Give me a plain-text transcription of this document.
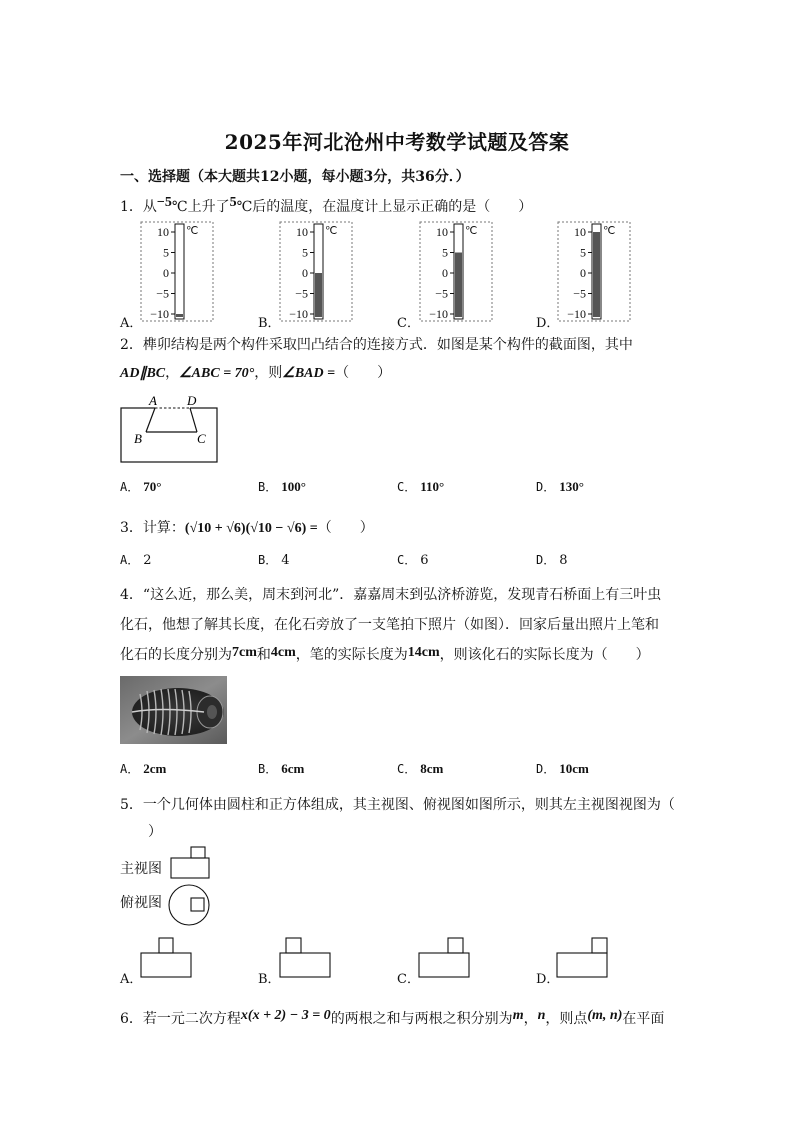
2025年河北沧州中考数学试题及答案
一、选择题（本大题共12小题，每小题3分，共36分．）
1．从−5℃上升了5℃后的温度，在温度计上显示正确的是（　　）
A．	B．	C．	D．
10
5
0
−5
−10
℃	10
5
0
−5
−10
℃	10
5
0
−5
−10
℃	10
5
0
−5
−10
℃
2．榫卯结构是两个构件采取凹凸结合的连接方式．如图是某个构件的截面图，其中
AD∥BC，∠ABC = 70°，则∠BAD =（　　）
A D
B	C
A． 70°	B． 100°	C． 110°	D． 130°
3．计算：(√10 + √6)(√10 − √6) =（　　）
A． 2	B． 4	C． 6	D． 8
4．“这么近，那么美，周末到河北”．嘉嘉周末到弘济桥游览，发现青石桥面上有三叶虫
化石，他想了解其长度，在化石旁放了一支笔拍下照片（如图）．回家后量出照片上笔和
化石的长度分别为7cm和4cm，笔的实际长度为14cm，则该化石的实际长度为（　　）
A． 2cm	B． 6cm	C． 8cm	D． 10cm
5．一个几何体由圆柱和正方体组成，其主视图、俯视图如图所示，则其左主视图视图为（
　）
主视图
俯视图
A．	B．	C．	D．
6．若一元二次方程x(x + 2) − 3 = 0的两根之和与两根之积分别为m，n，则点(m, n)在平面
